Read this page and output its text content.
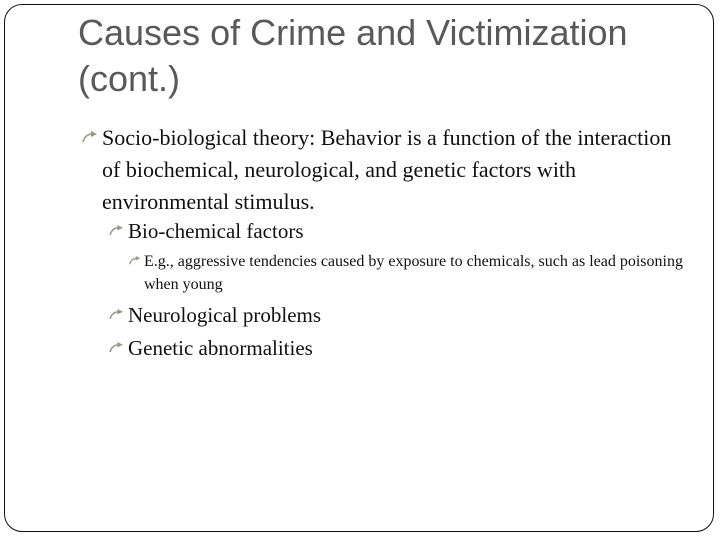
Causes of Crime and Victimization (cont.)
Socio-biological theory: Behavior is a function of the interaction of biochemical, neurological, and genetic factors with environmental stimulus.
Bio-chemical factors
E.g., aggressive tendencies caused by exposure to chemicals, such as lead poisoning when young
Neurological problems
Genetic abnormalities
